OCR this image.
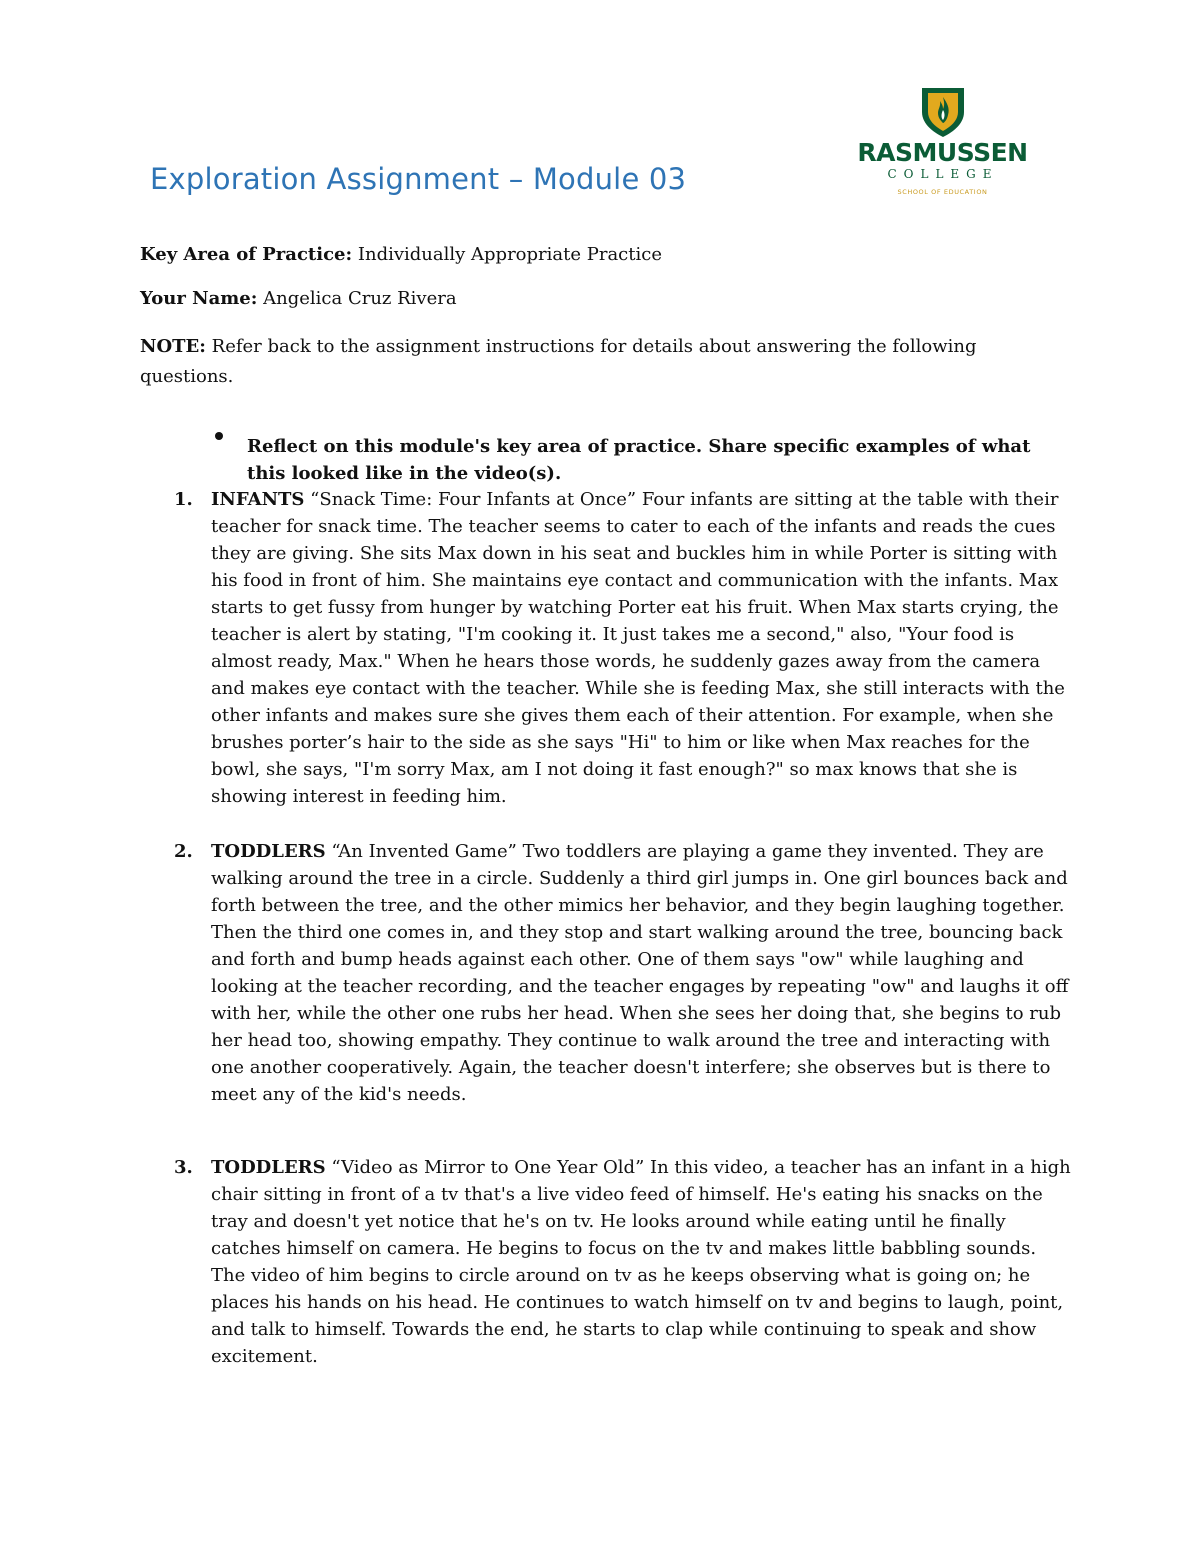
Exploration Assignment – Module 03
RASMUSSEN
COLLEGE
SCHOOL OF EDUCATION
Key Area of Practice: Individually Appropriate Practice
Your Name: Angelica Cruz Rivera
NOTE: Refer back to the assignment instructions for details about answering the following questions.
Reflect on this module's key area of practice. Share specific examples of what this looked like in the video(s).
1. INFANTS “Snack Time: Four Infants at Once” Four infants are sitting at the table with their teacher for snack time. The teacher seems to cater to each of the infants and reads the cues they are giving. She sits Max down in his seat and buckles him in while Porter is sitting with his food in front of him. She maintains eye contact and communication with the infants. Max starts to get fussy from hunger by watching Porter eat his fruit. When Max starts crying, the teacher is alert by stating, "I'm cooking it. It just takes me a second," also, "Your food is almost ready, Max." When he hears those words, he suddenly gazes away from the camera and makes eye contact with the teacher. While she is feeding Max, she still interacts with the other infants and makes sure she gives them each of their attention. For example, when she brushes porter’s hair to the side as she says "Hi" to him or like when Max reaches for the bowl, she says, "I'm sorry Max, am I not doing it fast enough?" so max knows that she is showing interest in feeding him.
2. TODDLERS “An Invented Game” Two toddlers are playing a game they invented. They are walking around the tree in a circle. Suddenly a third girl jumps in. One girl bounces back and forth between the tree, and the other mimics her behavior, and they begin laughing together. Then the third one comes in, and they stop and start walking around the tree, bouncing back and forth and bump heads against each other. One of them says "ow" while laughing and looking at the teacher recording, and the teacher engages by repeating "ow" and laughs it off with her, while the other one rubs her head. When she sees her doing that, she begins to rub her head too, showing empathy. They continue to walk around the tree and interacting with one another cooperatively. Again, the teacher doesn't interfere; she observes but is there to meet any of the kid's needs.
3. TODDLERS “Video as Mirror to One Year Old” In this video, a teacher has an infant in a high chair sitting in front of a tv that's a live video feed of himself. He's eating his snacks on the tray and doesn't yet notice that he's on tv. He looks around while eating until he finally catches himself on camera. He begins to focus on the tv and makes little babbling sounds. The video of him begins to circle around on tv as he keeps observing what is going on; he places his hands on his head. He continues to watch himself on tv and begins to laugh, point, and talk to himself. Towards the end, he starts to clap while continuing to speak and show excitement.
